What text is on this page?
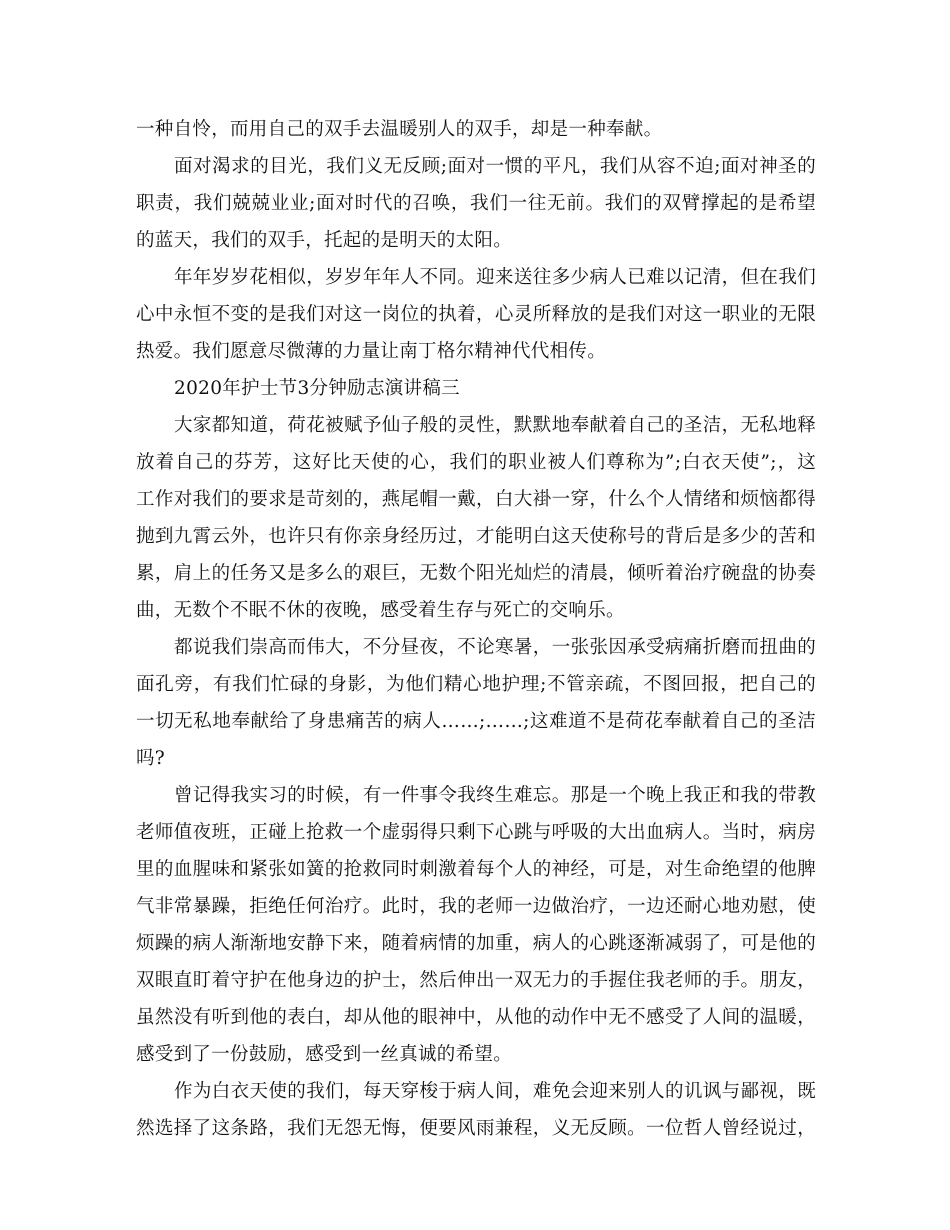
一种自怜，而用自己的双手去温暖别人的双手，却是一种奉献。
面对渴求的目光，我们义无反顾;面对一惯的平凡，我们从容不迫;面对神圣的
职责，我们兢兢业业;面对时代的召唤，我们一往无前。我们的双臂撑起的是希望
的蓝天，我们的双手，托起的是明天的太阳。
年年岁岁花相似，岁岁年年人不同。迎来送往多少病人已难以记清，但在我们
心中永恒不变的是我们对这一岗位的执着，心灵所释放的是我们对这一职业的无限
热爱。我们愿意尽微薄的力量让南丁格尔精神代代相传。
2020年护士节3分钟励志演讲稿三
大家都知道，荷花被赋予仙子般的灵性，默默地奉献着自己的圣洁，无私地释
放着自己的芬芳，这好比天使的心，我们的职业被人们尊称为”;白衣天使”;，这
工作对我们的要求是苛刻的，燕尾帽一戴，白大褂一穿，什么个人情绪和烦恼都得
抛到九霄云外，也许只有你亲身经历过，才能明白这天使称号的背后是多少的苦和
累，肩上的任务又是多么的艰巨，无数个阳光灿烂的清晨，倾听着治疗碗盘的协奏
曲，无数个不眠不休的夜晚，感受着生存与死亡的交响乐。
都说我们崇高而伟大，不分昼夜，不论寒暑，一张张因承受病痛折磨而扭曲的
面孔旁，有我们忙碌的身影，为他们精心地护理;不管亲疏，不图回报，把自己的
一切无私地奉献给了身患痛苦的病人……;……;这难道不是荷花奉献着自己的圣洁
吗?
曾记得我实习的时候，有一件事令我终生难忘。那是一个晚上我正和我的带教
老师值夜班，正碰上抢救一个虚弱得只剩下心跳与呼吸的大出血病人。当时，病房
里的血腥味和紧张如簧的抢救同时刺激着每个人的神经，可是，对生命绝望的他脾
气非常暴躁，拒绝任何治疗。此时，我的老师一边做治疗，一边还耐心地劝慰，使
烦躁的病人渐渐地安静下来，随着病情的加重，病人的心跳逐渐减弱了，可是他的
双眼直盯着守护在他身边的护士，然后伸出一双无力的手握住我老师的手。朋友，
虽然没有听到他的表白，却从他的眼神中，从他的动作中无不感受了人间的温暖，
感受到了一份鼓励，感受到一丝真诚的希望。
作为白衣天使的我们，每天穿梭于病人间，难免会迎来别人的讥讽与鄙视，既
然选择了这条路，我们无怨无悔，便要风雨兼程，义无反顾。一位哲人曾经说过，
